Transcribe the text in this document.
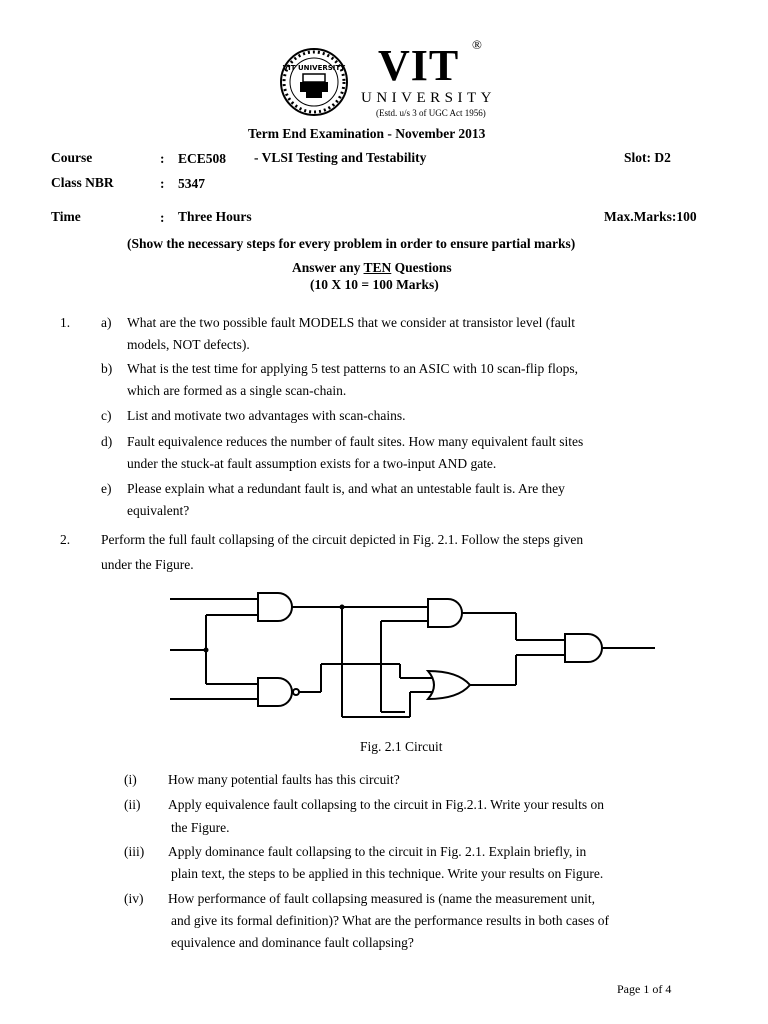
VIT UNIVERSITY VIT ®
UNIVERSITY
(Estd. u/s 3 of UGC Act 1956)
Term End Examination - November 2013
Course	: ECE508 - VLSI Testing and Testability	Slot: D2
Class NBR	: 5347
Time	: Three Hours	Max.Marks:100
(Show the necessary steps for every problem in order to ensure partial marks)
Answer any TEN Questions
(10 X 10 = 100 Marks)
1. a) What are the two possible fault MODELS that we consider at transistor level (fault
models, NOT defects).
b) What is the test time for applying 5 test patterns to an ASIC with 10 scan-flip flops,
which are formed as a single scan-chain.
c) List and motivate two advantages with scan-chains.
d) Fault equivalence reduces the number of fault sites. How many equivalent fault sites
under the stuck-at fault assumption exists for a two-input AND gate.
e) Please explain what a redundant fault is, and what an untestable fault is. Are they
equivalent?
2. Perform the full fault collapsing of the circuit depicted in Fig. 2.1. Follow the steps given
under the Figure.
Fig. 2.1 Circuit
(i) How many potential faults has this circuit?
(ii) Apply equivalence fault collapsing to the circuit in Fig.2.1. Write your results on
the Figure.
(iii) Apply dominance fault collapsing to the circuit in Fig. 2.1. Explain briefly, in
plain text, the steps to be applied in this technique. Write your results on Figure.
(iv) How performance of fault collapsing measured is (name the measurement unit,
and give its formal definition)? What are the performance results in both cases of
equivalence and dominance fault collapsing?
Page 1 of 4
